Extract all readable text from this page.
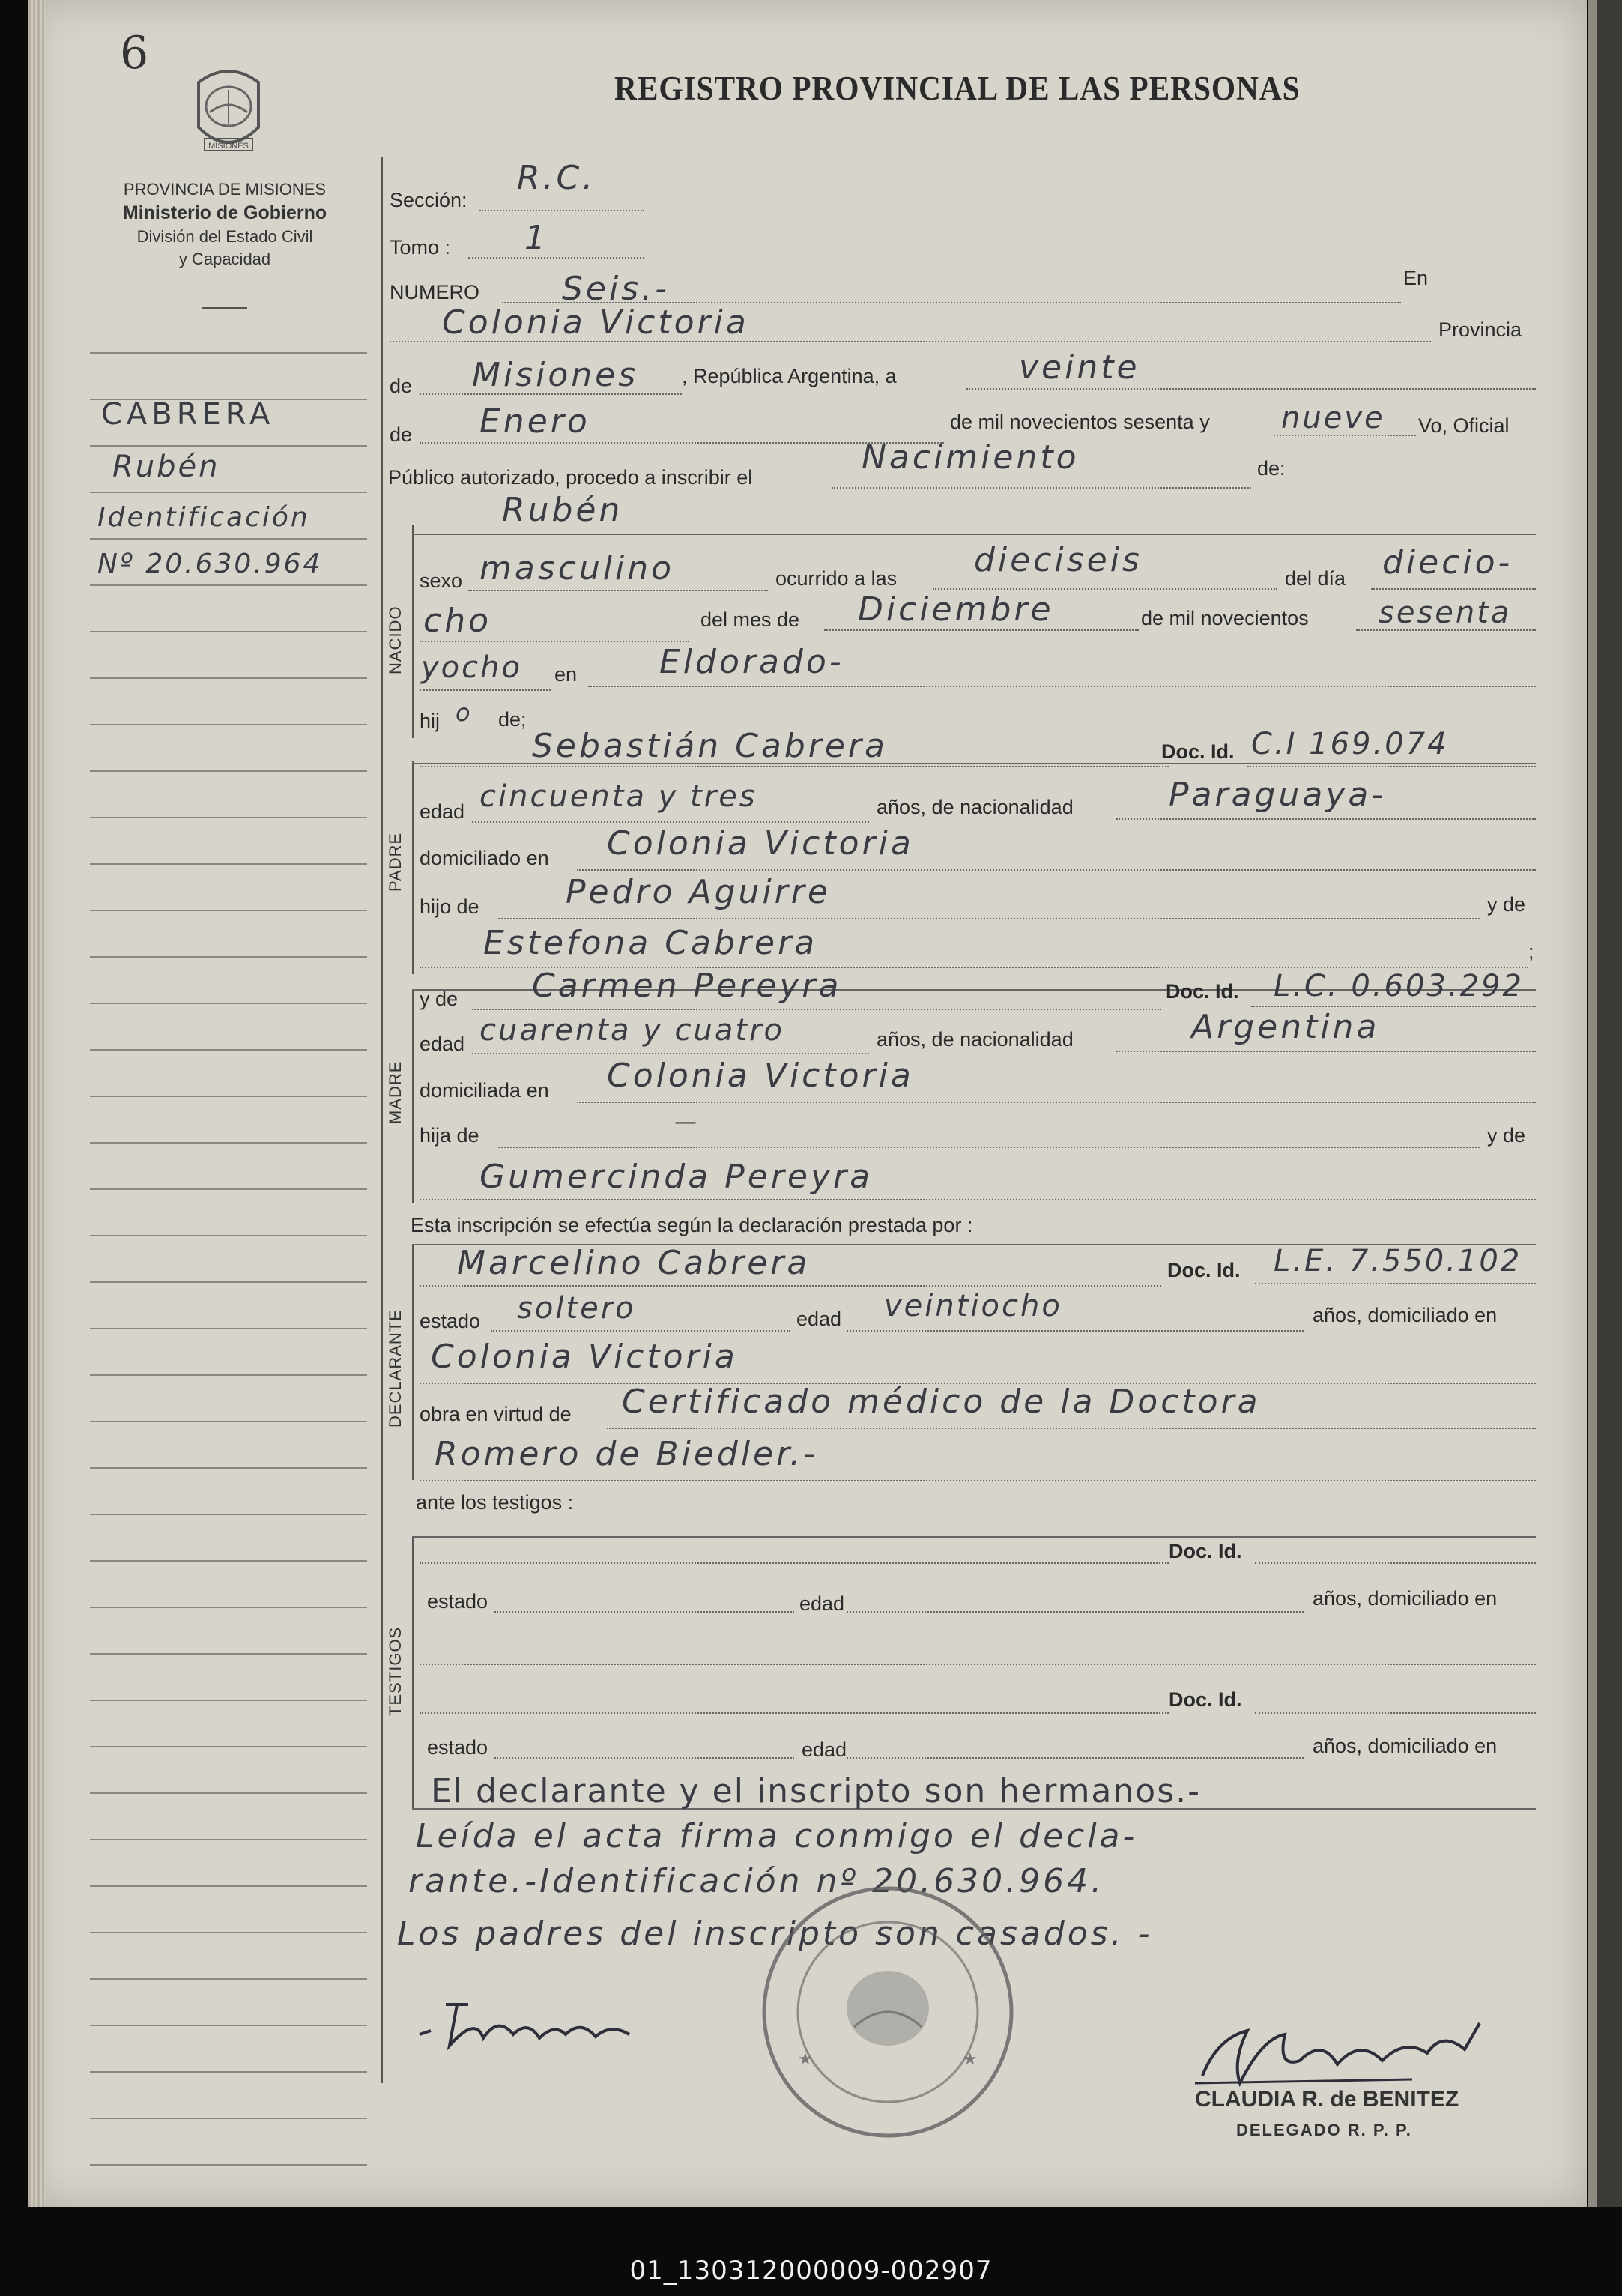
6
MISIONES
PROVINCIA DE MISIONES
Ministerio de Gobierno
División del Estado Civil
y Capacidad
REGISTRO PROVINCIAL DE LAS PERSONAS
CABRERA
Rubén
Identificación
Nº 20.630.964
NACIDO
PADRE
MADRE
DECLARANTE
TESTIGOS
Sección:
R.C.
Tomo : 1
NUMERO	Seis.-	En
Colonia Victoria	Provincia
de Misiones , República Argentina, a	veinte
de Enero	de mil novecientos sesenta y nueve Vo, Oficial
Público autorizado, procedo a inscribir el
Nacimiento	de:
Rubén
sexo masculino	ocurrido a las dieciseis	del día diecio-
cho	del mes de Diciembre	de mil novecientos sesenta
yocho en Eldorado-
hij o de;
Sebastián Cabrera	Doc. Id. C.I 169.074
edad cincuenta y tres	años, de nacionalidad	Paraguaya-
domiciliado en Colonia Victoria
hijo de	Pedro Aguirre	y de
Estefona Cabrera	;
y de Carmen Pereyra	Doc. Id. L.C. 0.603.292
edad cuarenta y cuatro	años, de nacionalidad	Argentina
domiciliada en Colonia Victoria
hija de	—	y de
Gumercinda Pereyra
Esta inscripción se efectúa según la declaración prestada por :
Marcelino Cabrera	Doc. Id. L.E. 7.550.102
estado soltero	edad veintiocho	años, domiciliado en
Colonia Victoria
obra en virtud de Certificado médico de la Doctora
Romero de Biedler.-
ante los testigos :
Doc. Id.
estado	edad	años, domiciliado en
Doc. Id.
estado	edad	años, domiciliado en
El declarante y el inscripto son hermanos.-
Leída el acta firma conmigo el decla-
rante.-Identificación nº 20.630.964.
Los padres del inscripto son casados. -
★	★
Cabrera
CLAUDIA R. de BENITEZ
DELEGADO R. P. P.
01_130312000009-002907
